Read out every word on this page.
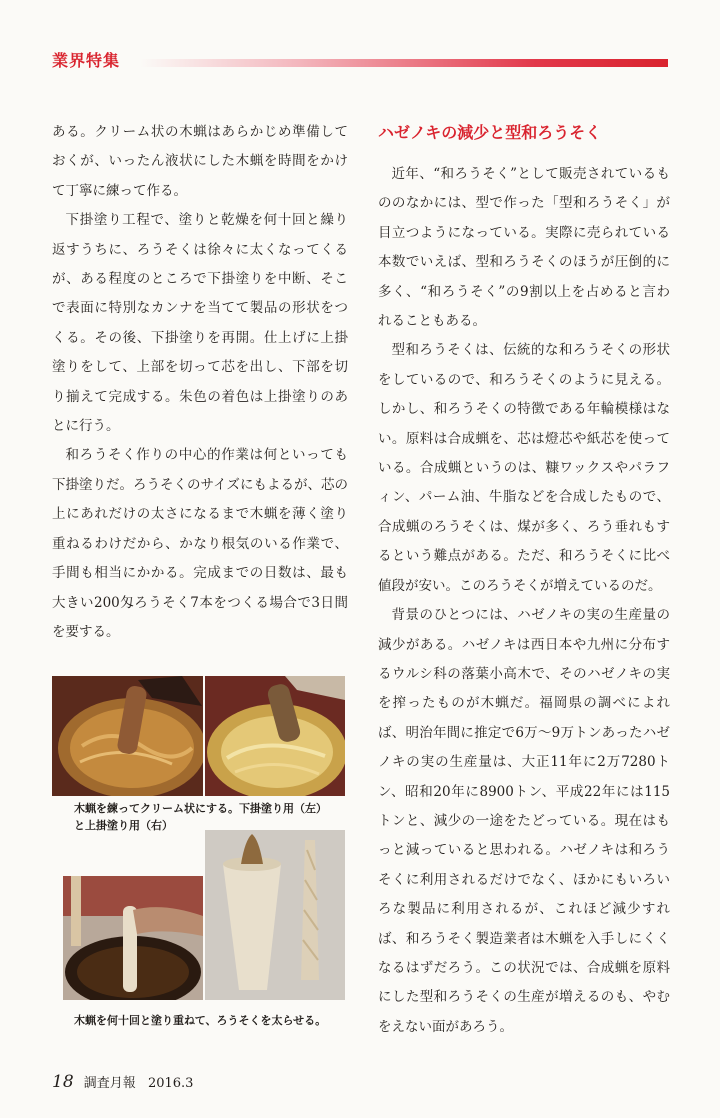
業界特集

ある。クリーム状の木蝋はあらかじめ準備しておくが、いったん液状にした木蝋を時間をかけて丁寧に練って作る。

下掛塗り工程で、塗りと乾燥を何十回と繰り返すうちに、ろうそくは徐々に太くなってくるが、ある程度のところで下掛塗りを中断、そこで表面に特別なカンナを当てて製品の形状をつくる。その後、下掛塗りを再開。仕上げに上掛塗りをして、上部を切って芯を出し、下部を切り揃えて完成する。朱色の着色は上掛塗りのあとに行う。

和ろうそく作りの中心的作業は何といっても下掛塗りだ。ろうそくのサイズにもよるが、芯の上にあれだけの太さになるまで木蝋を薄く塗り重ねるわけだから、かなり根気のいる作業で、手間も相当にかかる。完成までの日数は、最も大きい200匁ろうそく7本をつくる場合で3日間を要する。

木蝋を練ってクリーム状にする。下掛塗り用（左）と上掛塗り用（右）
木蝋を何十回と塗り重ねて、ろうそくを太らせる。
ハゼノキの減少と型和ろうそく

近年、“和ろうそく”として販売されているもののなかには、型で作った「型和ろうそく」が目立つようになっている。実際に売られている本数でいえば、型和ろうそくのほうが圧倒的に多く、“和ろうそく”の9割以上を占めると言われることもある。

型和ろうそくは、伝統的な和ろうそくの形状をしているので、和ろうそくのように見える。しかし、和ろうそくの特徴である年輪模様はない。原料は合成蝋を、芯は燈芯や紙芯を使っている。合成蝋というのは、糠ワックスやパラフィン、パーム油、牛脂などを合成したもので、合成蝋のろうそくは、煤が多く、ろう垂れもするという難点がある。ただ、和ろうそくに比べ値段が安い。このろうそくが増えているのだ。

背景のひとつには、ハゼノキの実の生産量の減少がある。ハゼノキは西日本や九州に分布するウルシ科の落葉小高木で、そのハゼノキの実を搾ったものが木蝋だ。福岡県の調べによれば、明治年間に推定で6万～9万トンあったハゼノキの実の生産量は、大正11年に2万7280トン、昭和20年に8900トン、平成22年には115トンと、減少の一途をたどっている。現在はもっと減っていると思われる。ハゼノキは和ろうそくに利用されるだけでなく、ほかにもいろいろな製品に利用されるが、これほど減少すれば、和ろうそく製造業者は木蝋を入手しにくくなるはずだろう。この状況では、合成蝋を原料にした型和ろうそくの生産が増えるのも、やむをえない面があろう。

18 調査月報 2016.3
